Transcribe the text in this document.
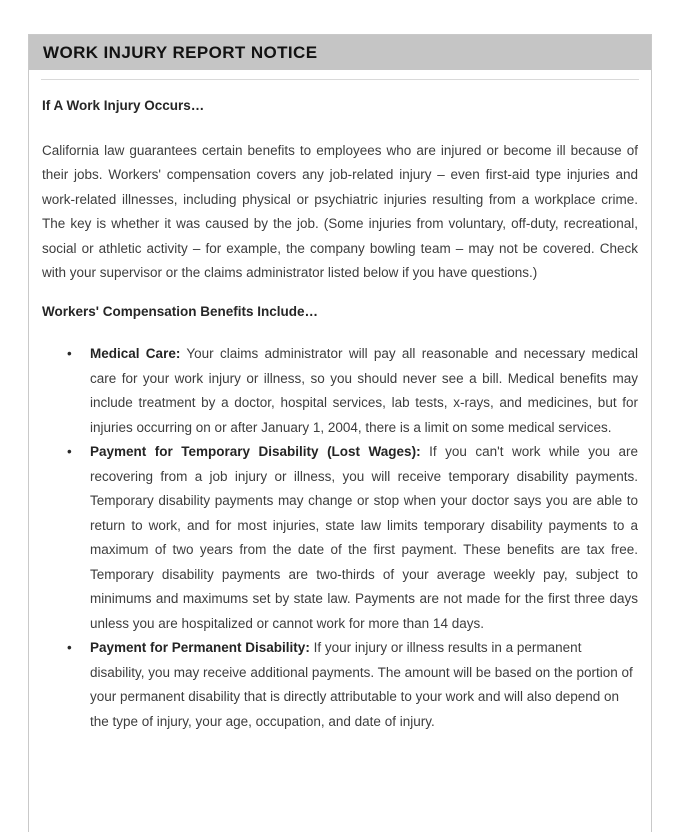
WORK INJURY REPORT NOTICE

If A Work Injury Occurs…

California law guarantees certain benefits to employees who are injured or become ill because of their jobs. Workers' compensation covers any job-related injury – even first-aid type injuries and work-related illnesses, including physical or psychiatric injuries resulting from a workplace crime. The key is whether it was caused by the job. (Some injuries from voluntary, off-duty, recreational, social or athletic activity – for example, the company bowling team – may not be covered. Check with your supervisor or the claims administrator listed below if you have questions.)

Workers' Compensation Benefits Include…

• Medical Care: Your claims administrator will pay all reasonable and necessary medical care for your work injury or illness, so you should never see a bill. Medical benefits may include treatment by a doctor, hospital services, lab tests, x-rays, and medicines, but for injuries occurring on or after January 1, 2004, there is a limit on some medical services.
• Payment for Temporary Disability (Lost Wages): If you can't work while you are recovering from a job injury or illness, you will receive temporary disability payments. Temporary disability payments may change or stop when your doctor says you are able to return to work, and for most injuries, state law limits temporary disability payments to a maximum of two years from the date of the first payment. These benefits are tax free. Temporary disability payments are two-thirds of your average weekly pay, subject to minimums and maximums set by state law. Payments are not made for the first three days unless you are hospitalized or cannot work for more than 14 days.
• Payment for Permanent Disability: If your injury or illness results in a permanent disability, you may receive additional payments. The amount will be based on the portion of your permanent disability that is directly attributable to your work and will also depend on the type of injury, your age, occupation, and date of injury.
